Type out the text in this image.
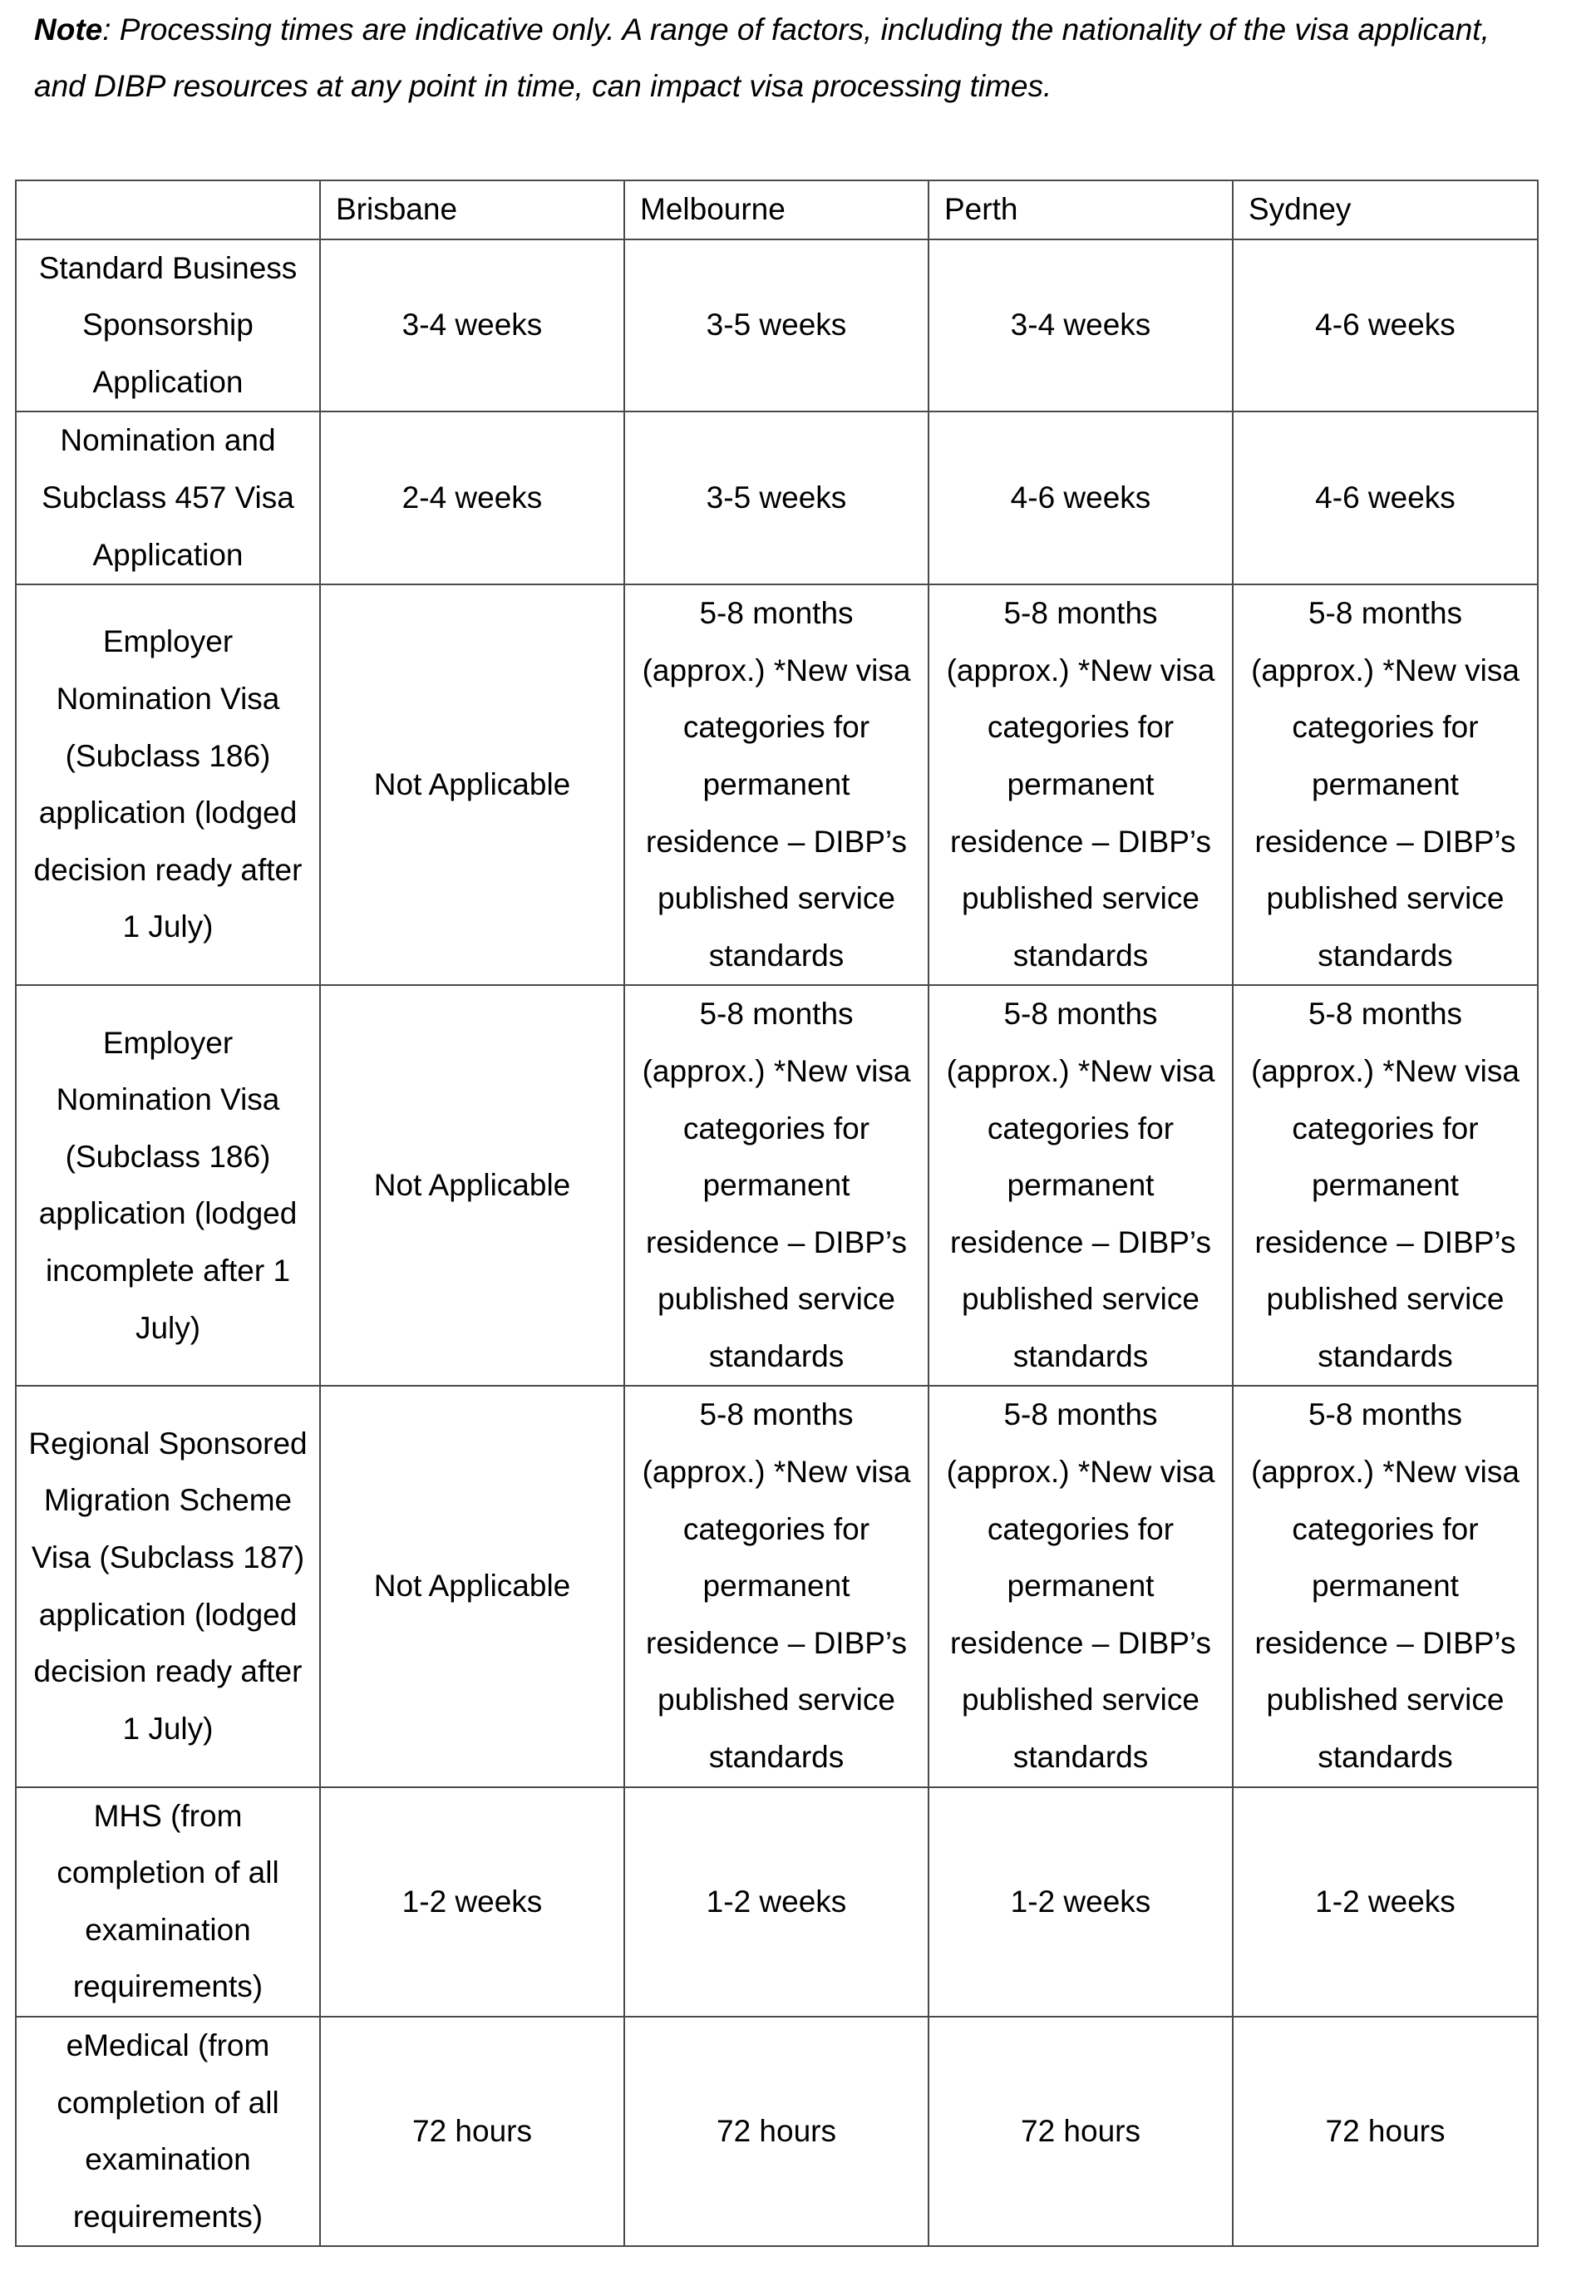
Note: Processing times are indicative only. A range of factors, including the nationality of the visa applicant, and DIBP resources at any point in time, can impact visa processing times.
	Brisbane	Melbourne	Perth	Sydney
Standard Business Sponsorship Application	3-4 weeks	3-5 weeks	3-4 weeks	4-6 weeks
Nomination and Subclass 457 Visa Application	2-4 weeks	3-5 weeks	4-6 weeks	4-6 weeks
Employer Nomination Visa (Subclass 186) application (lodged decision ready after 1 July)	Not Applicable	5-8 months (approx.) *New visa categories for permanent residence – DIBP’s published service standards	5-8 months (approx.) *New visa categories for permanent residence – DIBP’s published service standards	5-8 months (approx.) *New visa categories for permanent residence – DIBP’s published service standards
Employer Nomination Visa (Subclass 186) application (lodged incomplete after 1 July)	Not Applicable	5-8 months (approx.) *New visa categories for permanent residence – DIBP’s published service standards	5-8 months (approx.) *New visa categories for permanent residence – DIBP’s published service standards	5-8 months (approx.) *New visa categories for permanent residence – DIBP’s published service standards
Regional Sponsored Migration Scheme Visa (Subclass 187) application (lodged decision ready after 1 July)	Not Applicable	5-8 months (approx.) *New visa categories for permanent residence – DIBP’s published service standards	5-8 months (approx.) *New visa categories for permanent residence – DIBP’s published service standards	5-8 months (approx.) *New visa categories for permanent residence – DIBP’s published service standards
MHS (from completion of all examination requirements)	1-2 weeks	1-2 weeks	1-2 weeks	1-2 weeks
eMedical (from completion of all examination requirements)	72 hours	72 hours	72 hours	72 hours
